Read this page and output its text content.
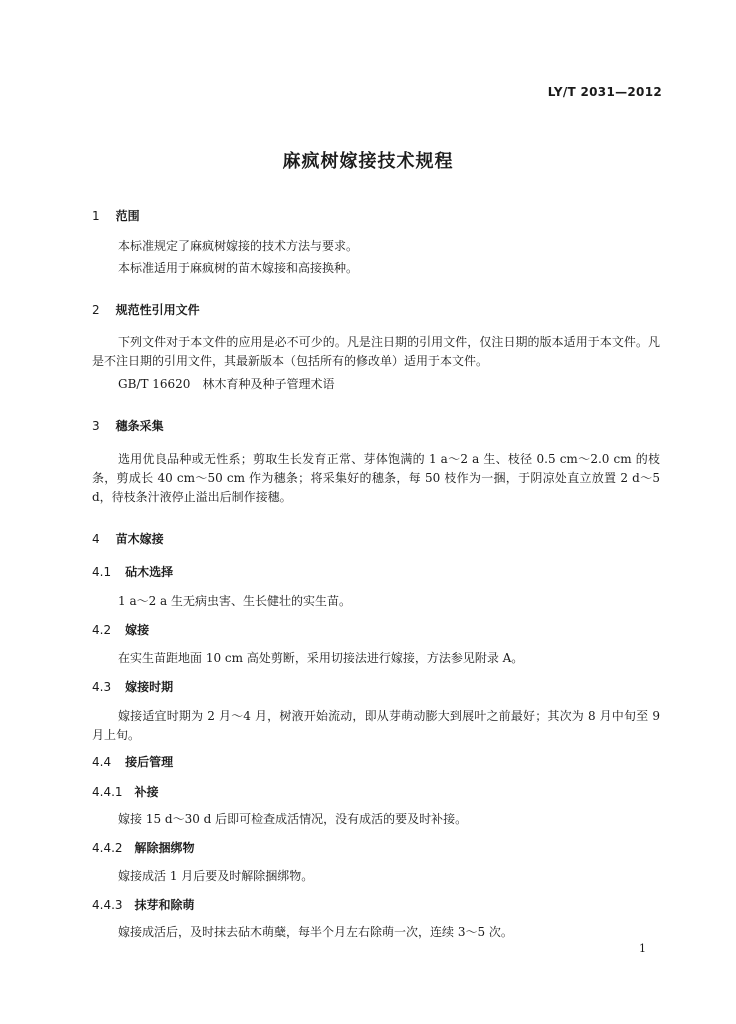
LY/T 2031—2012
麻疯树嫁接技术规程
1 范围
本标准规定了麻疯树嫁接的技术方法与要求。
本标准适用于麻疯树的苗木嫁接和高接换种。
2 规范性引用文件
下列文件对于本文件的应用是必不可少的。凡是注日期的引用文件，仅注日期的版本适用于本文件。凡是不注日期的引用文件，其最新版本（包括所有的修改单）适用于本文件。
GB/T 16620　林木育种及种子管理术语
3 穗条采集
选用优良品种或无性系；剪取生长发育正常、芽体饱满的 1 a～2 a 生、枝径 0.5 cm～2.0 cm 的枝条，剪成长 40 cm～50 cm 作为穗条；将采集好的穗条，每 50 枝作为一捆，于阴凉处直立放置 2 d～5 d，待枝条汁液停止溢出后制作接穗。
4 苗木嫁接
4.1 砧木选择
1 a～2 a 生无病虫害、生长健壮的实生苗。
4.2 嫁接
在实生苗距地面 10 cm 高处剪断，采用切接法进行嫁接，方法参见附录 A。
4.3 嫁接时期
嫁接适宜时期为 2 月～4 月，树液开始流动，即从芽萌动膨大到展叶之前最好；其次为 8 月中旬至 9 月上旬。
4.4 接后管理
4.4.1 补接
嫁接 15 d～30 d 后即可检查成活情况，没有成活的要及时补接。
4.4.2 解除捆绑物
嫁接成活 1 月后要及时解除捆绑物。
4.4.3 抹芽和除萌
嫁接成活后，及时抹去砧木萌蘖，每半个月左右除萌一次，连续 3～5 次。
1
